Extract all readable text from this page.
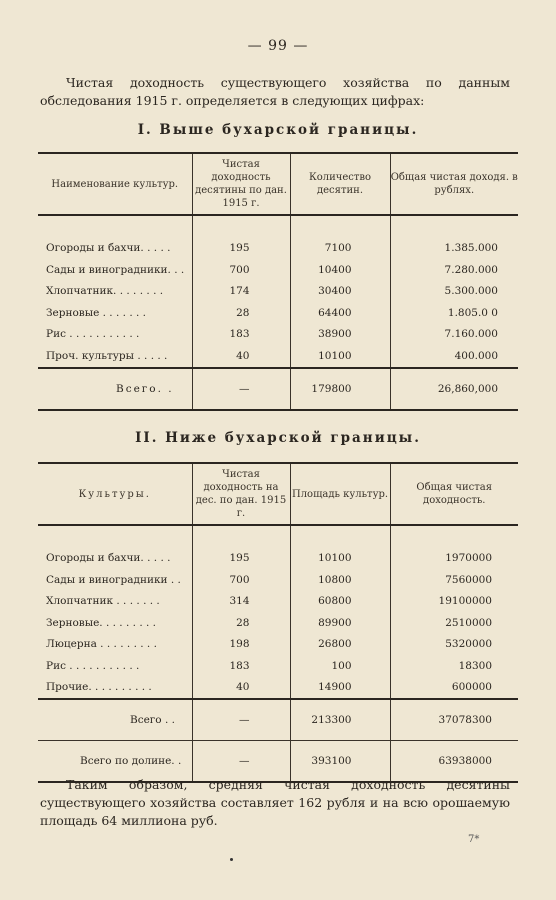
— 99 —
Чистая доходность существующего хозяйства по данным обследования 1915 г. определяется в следующих цифрах:
I. Выше бухарской границы.
Наименование культур.	Чистая доходность десятины по дан. 1915 г.	Количество десятин.	Общая чистая доходя. в рублях.

Огороды и бахчи. . . . .	195	7100	1.385.000
Сады и виноградники. . .	700	10400	7.280.000
Хлопчатник. . . . . . . .	174	30400	5.300.000
Зерновые . . . . . . .	28	64400	1.805.0 0
Рис . . . . . . . . . . .	183	38900	7.160.000
Проч. культуры . . . . .	40	10100	400.000
Всего. .	—	179800	26,860,000
II. Ниже бухарской границы.
Культуры.	Чистая доходность на дес. по дан. 1915 г.	Площадь культур.	Общая чистая доходность.

Огороды и бахчи. . . . .	195	10100	1970000
Сады и виноградники . .	700	10800	7560000
Хлопчатник . . . . . . .	314	60800	19100000
Зерновые. . . . . . . . .	28	89900	2510000
Люцерна . . . . . . . . .	198	26800	5320000
Рис . . . . . . . . . . .	183	100	18300
Прочие. . . . . . . . . .	40	14900	600000
Всего . .	—	213300	37078300
Всего по долине. .	—	393100	63938000
Таким образом, средняя чистая доходность десятины существующего хозяйства составляет 162 рубля и на всю орошаемую площадь 64 миллиона руб.
7*
